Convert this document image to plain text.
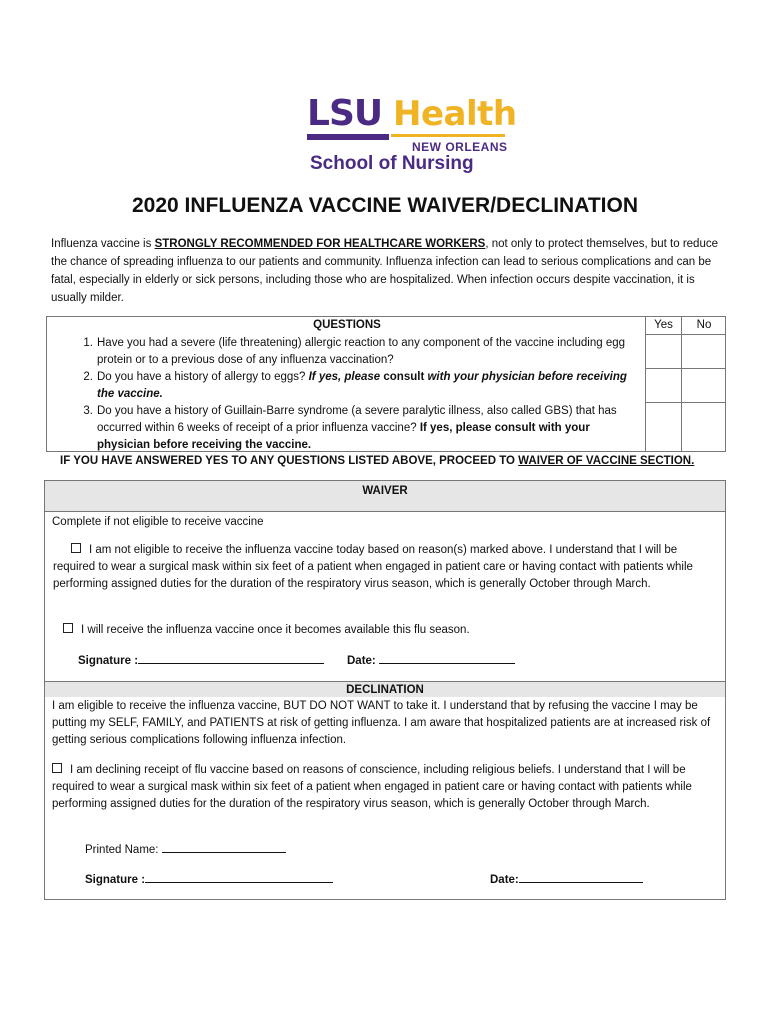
LSU Health
NEW ORLEANS
School of Nursing
2020 INFLUENZA VACCINE WAIVER/DECLINATION
Influenza vaccine is STRONGLY RECOMMENDED FOR HEALTHCARE WORKERS, not only to protect themselves, but to reduce the chance of spreading influenza to our patients and community. Influenza infection can lead to serious complications and can be fatal, especially in elderly or sick persons, including those who are hospitalized. When infection occurs despite vaccination, it is usually milder.
QUESTIONS	Yes	No
1. Have you had a severe (life threatening) allergic reaction to any component of the vaccine including egg protein or to a previous dose of any influenza vaccination?
2. Do you have a history of allergy to eggs? If yes, please consult with your physician before receiving the vaccine.
3. Do you have a history of Guillain-Barre syndrome (a severe paralytic illness, also called GBS) that has occurred within 6 weeks of receipt of a prior influenza vaccine? If yes, please consult with your physician before receiving the vaccine.
IF YOU HAVE ANSWERED YES TO ANY QUESTIONS LISTED ABOVE, PROCEED TO WAIVER OF VACCINE SECTION.
WAIVER
Complete if not eligible to receive vaccine
I am not eligible to receive the influenza vaccine today based on reason(s) marked above. I understand that I will be required to wear a surgical mask within six feet of a patient when engaged in patient care or having contact with patients while performing assigned duties for the duration of the respiratory virus season, which is generally October through March.
I will receive the influenza vaccine once it becomes available this flu season.
Signature :	Date:
DECLINATION
I am eligible to receive the influenza vaccine, BUT DO NOT WANT to take it. I understand that by refusing the vaccine I may be putting my SELF, FAMILY, and PATIENTS at risk of getting influenza. I am aware that hospitalized patients are at increased risk of getting serious complications following influenza infection.
I am declining receipt of flu vaccine based on reasons of conscience, including religious beliefs. I understand that I will be required to wear a surgical mask within six feet of a patient when engaged in patient care or having contact with patients while performing assigned duties for the duration of the respiratory virus season, which is generally October through March.
Printed Name:
Signature :	Date:
